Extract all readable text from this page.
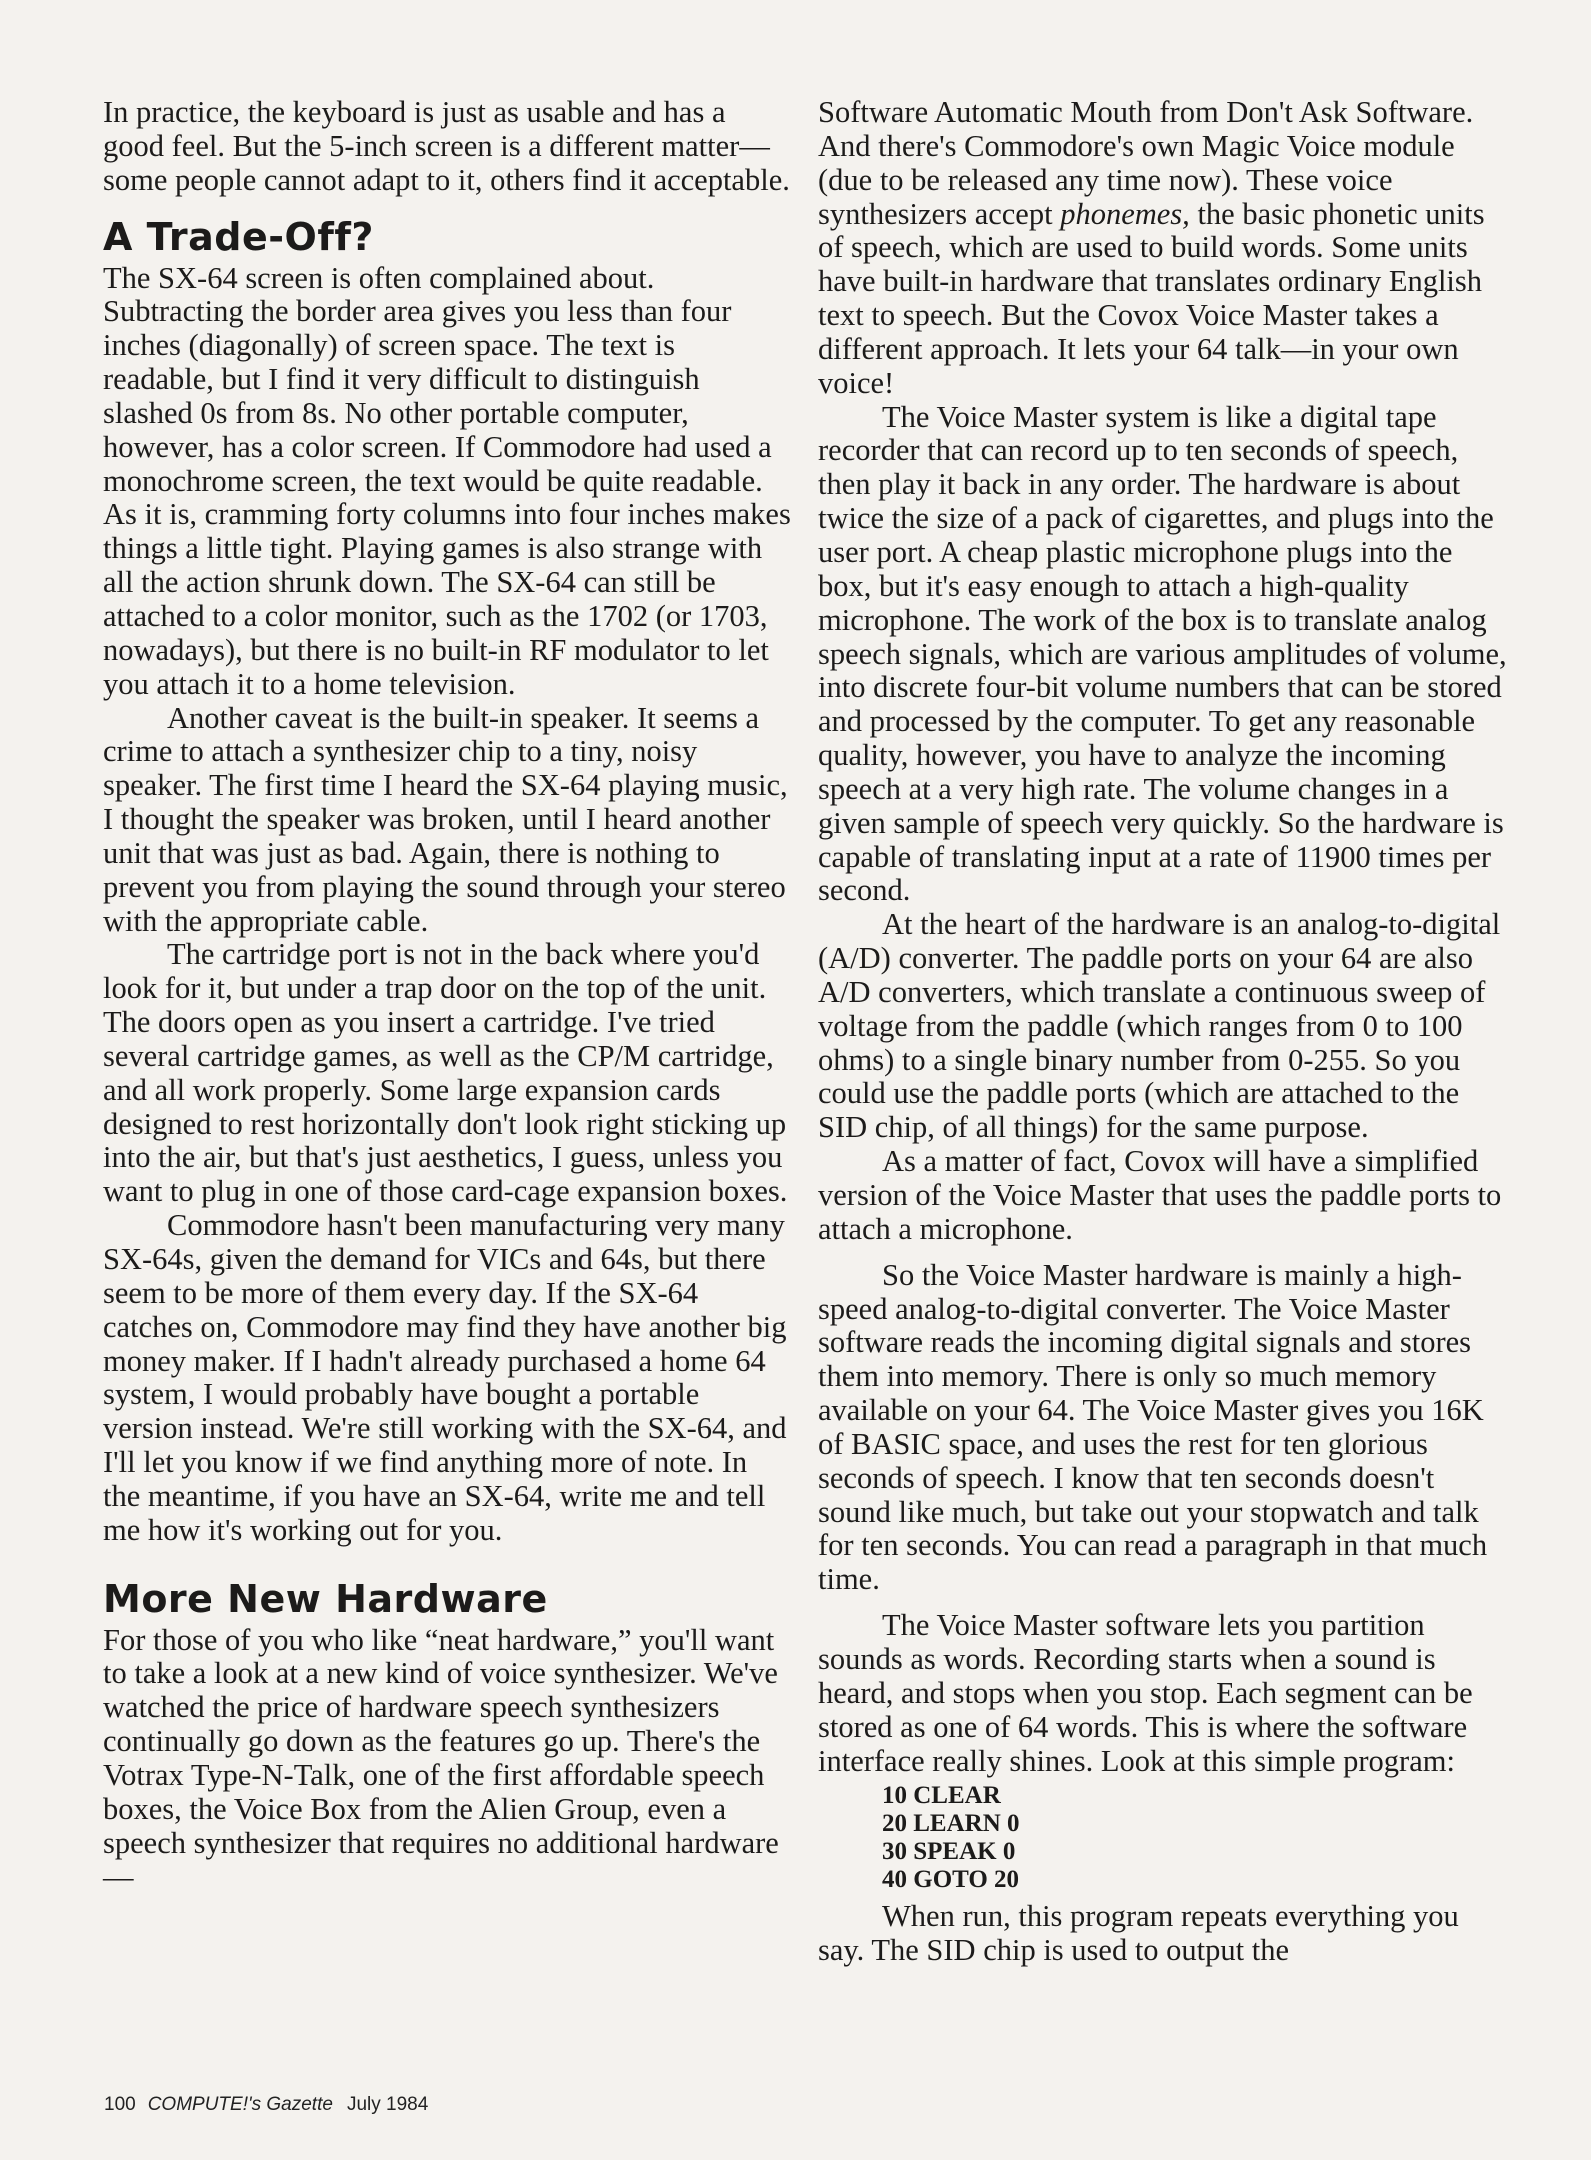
In practice, the keyboard is just as usable and has a good feel. But the 5-inch screen is a different matter—some people cannot adapt to it, others find it acceptable.

A Trade-Off?

The SX-64 screen is often complained about. Subtracting the border area gives you less than four inches (diagonally) of screen space. The text is readable, but I find it very difficult to distinguish slashed 0s from 8s. No other portable computer, however, has a color screen. If Commodore had used a monochrome screen, the text would be quite readable. As it is, cramming forty columns into four inches makes things a little tight. Playing games is also strange with all the action shrunk down. The SX-64 can still be attached to a color monitor, such as the 1702 (or 1703, nowadays), but there is no built-in RF modulator to let you attach it to a home television.

Another caveat is the built-in speaker. It seems a crime to attach a synthesizer chip to a tiny, noisy speaker. The first time I heard the SX-64 playing music, I thought the speaker was broken, until I heard another unit that was just as bad. Again, there is nothing to prevent you from playing the sound through your stereo with the appropriate cable.

The cartridge port is not in the back where you'd look for it, but under a trap door on the top of the unit. The doors open as you insert a cartridge. I've tried several cartridge games, as well as the CP/M cartridge, and all work properly. Some large expansion cards designed to rest horizontally don't look right sticking up into the air, but that's just aesthetics, I guess, unless you want to plug in one of those card-cage expansion boxes.

Commodore hasn't been manufacturing very many SX-64s, given the demand for VICs and 64s, but there seem to be more of them every day. If the SX-64 catches on, Commodore may find they have another big money maker. If I hadn't already purchased a home 64 system, I would probably have bought a portable version instead. We're still working with the SX-64, and I'll let you know if we find anything more of note. In the meantime, if you have an SX-64, write me and tell me how it's working out for you.

More New Hardware

For those of you who like “neat hardware,” you'll want to take a look at a new kind of voice synthesizer. We've watched the price of hardware speech synthesizers continually go down as the features go up. There's the Votrax Type-N-Talk, one of the first affordable speech boxes, the Voice Box from the Alien Group, even a speech synthesizer that requires no additional hardware—

Software Automatic Mouth from Don't Ask Software. And there's Commodore's own Magic Voice module (due to be released any time now). These voice synthesizers accept phonemes, the basic phonetic units of speech, which are used to build words. Some units have built-in hardware that translates ordinary English text to speech. But the Covox Voice Master takes a different approach. It lets your 64 talk—in your own voice!

The Voice Master system is like a digital tape recorder that can record up to ten seconds of speech, then play it back in any order. The hardware is about twice the size of a pack of cigarettes, and plugs into the user port. A cheap plastic microphone plugs into the box, but it's easy enough to attach a high-quality microphone. The work of the box is to translate analog speech signals, which are various amplitudes of volume, into discrete four-bit volume numbers that can be stored and processed by the computer. To get any reasonable quality, however, you have to analyze the incoming speech at a very high rate. The volume changes in a given sample of speech very quickly. So the hardware is capable of translating input at a rate of 11900 times per second.

At the heart of the hardware is an analog-to-digital (A/D) converter. The paddle ports on your 64 are also A/D converters, which translate a continuous sweep of voltage from the paddle (which ranges from 0 to 100 ohms) to a single binary number from 0-255. So you could use the paddle ports (which are attached to the SID chip, of all things) for the same purpose.

As a matter of fact, Covox will have a simplified version of the Voice Master that uses the paddle ports to attach a microphone.

So the Voice Master hardware is mainly a high-speed analog-to-digital converter. The Voice Master software reads the incoming digital signals and stores them into memory. There is only so much memory available on your 64. The Voice Master gives you 16K of BASIC space, and uses the rest for ten glorious seconds of speech. I know that ten seconds doesn't sound like much, but take out your stopwatch and talk for ten seconds. You can read a paragraph in that much time.

The Voice Master software lets you partition sounds as words. Recording starts when a sound is heard, and stops when you stop. Each segment can be stored as one of 64 words. This is where the software interface really shines. Look at this simple program:

10 CLEAR
20 LEARN 0
30 SPEAK 0
40 GOTO 20

When run, this program repeats everything you say. The SID chip is used to output the

100 COMPUTE!'s Gazette July 1984
